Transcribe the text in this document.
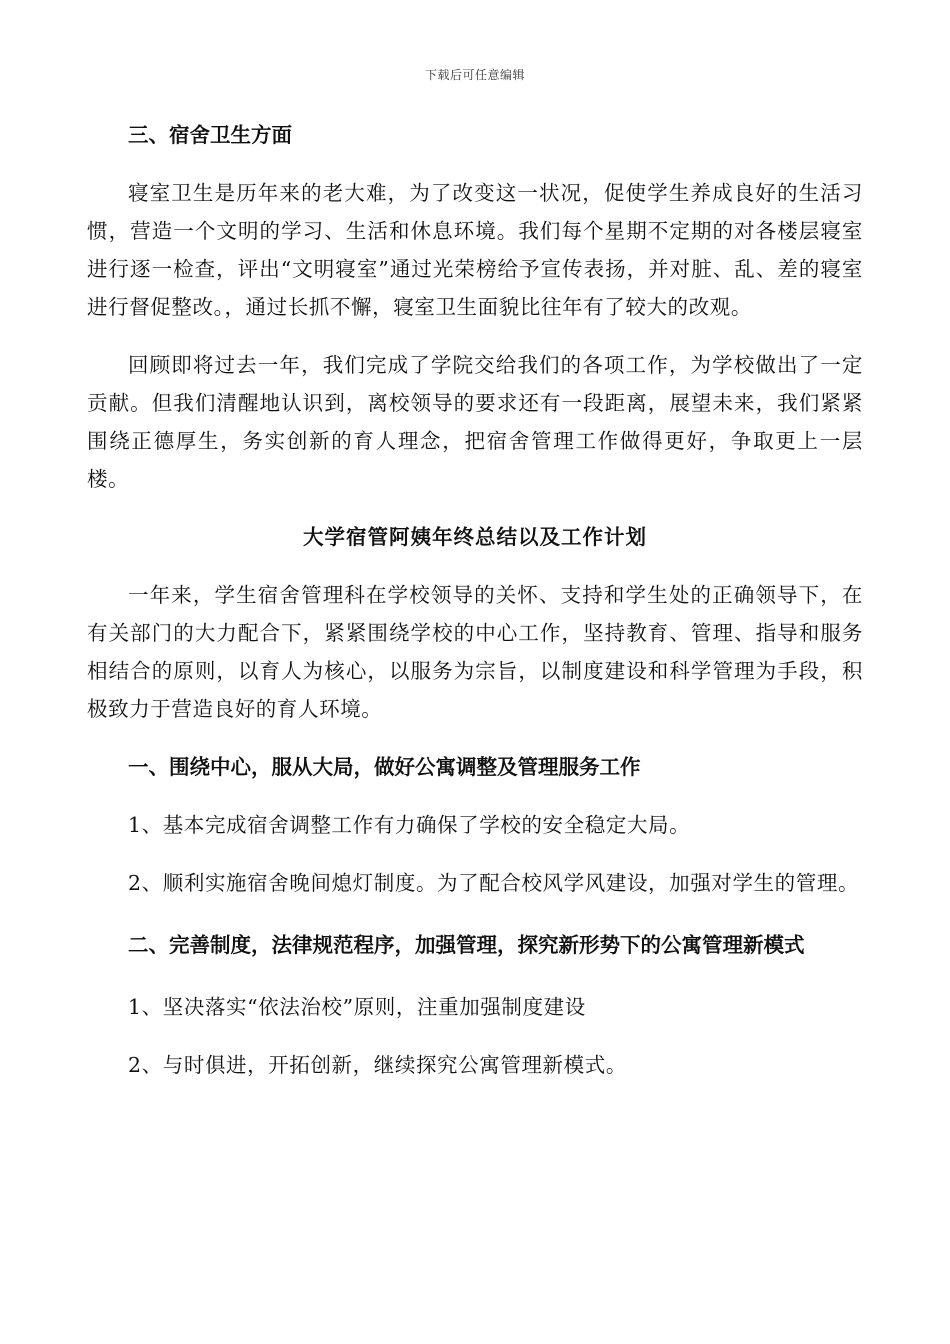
下载后可任意编辑

三、宿舍卫生方面

寝室卫生是历年来的老大难，为了改变这一状况，促使学生养成良好的生活习惯，营造一个文明的学习、生活和休息环境。我们每个星期不定期的对各楼层寝室进行逐一检查，评出“文明寝室”通过光荣榜给予宣传表扬，并对脏、乱、差的寝室进行督促整改。，通过长抓不懈，寝室卫生面貌比往年有了较大的改观。

回顾即将过去一年，我们完成了学院交给我们的各项工作，为学校做出了一定贡献。但我们清醒地认识到，离校领导的要求还有一段距离，展望未来，我们紧紧围绕正德厚生，务实创新的育人理念，把宿舍管理工作做得更好，争取更上一层楼。

大学宿管阿姨年终总结以及工作计划

一年来，学生宿舍管理科在学校领导的关怀、支持和学生处的正确领导下，在有关部门的大力配合下，紧紧围绕学校的中心工作，坚持教育、管理、指导和服务相结合的原则，以育人为核心，以服务为宗旨，以制度建设和科学管理为手段，积极致力于营造良好的育人环境。

一、围绕中心，服从大局，做好公寓调整及管理服务工作

1、基本完成宿舍调整工作有力确保了学校的安全稳定大局。

2、顺利实施宿舍晚间熄灯制度。为了配合校风学风建设，加强对学生的管理。

二、完善制度，法律规范程序，加强管理，探究新形势下的公寓管理新模式

1、坚决落实“依法治校”原则，注重加强制度建设

2、与时俱进，开拓创新，继续探究公寓管理新模式。
